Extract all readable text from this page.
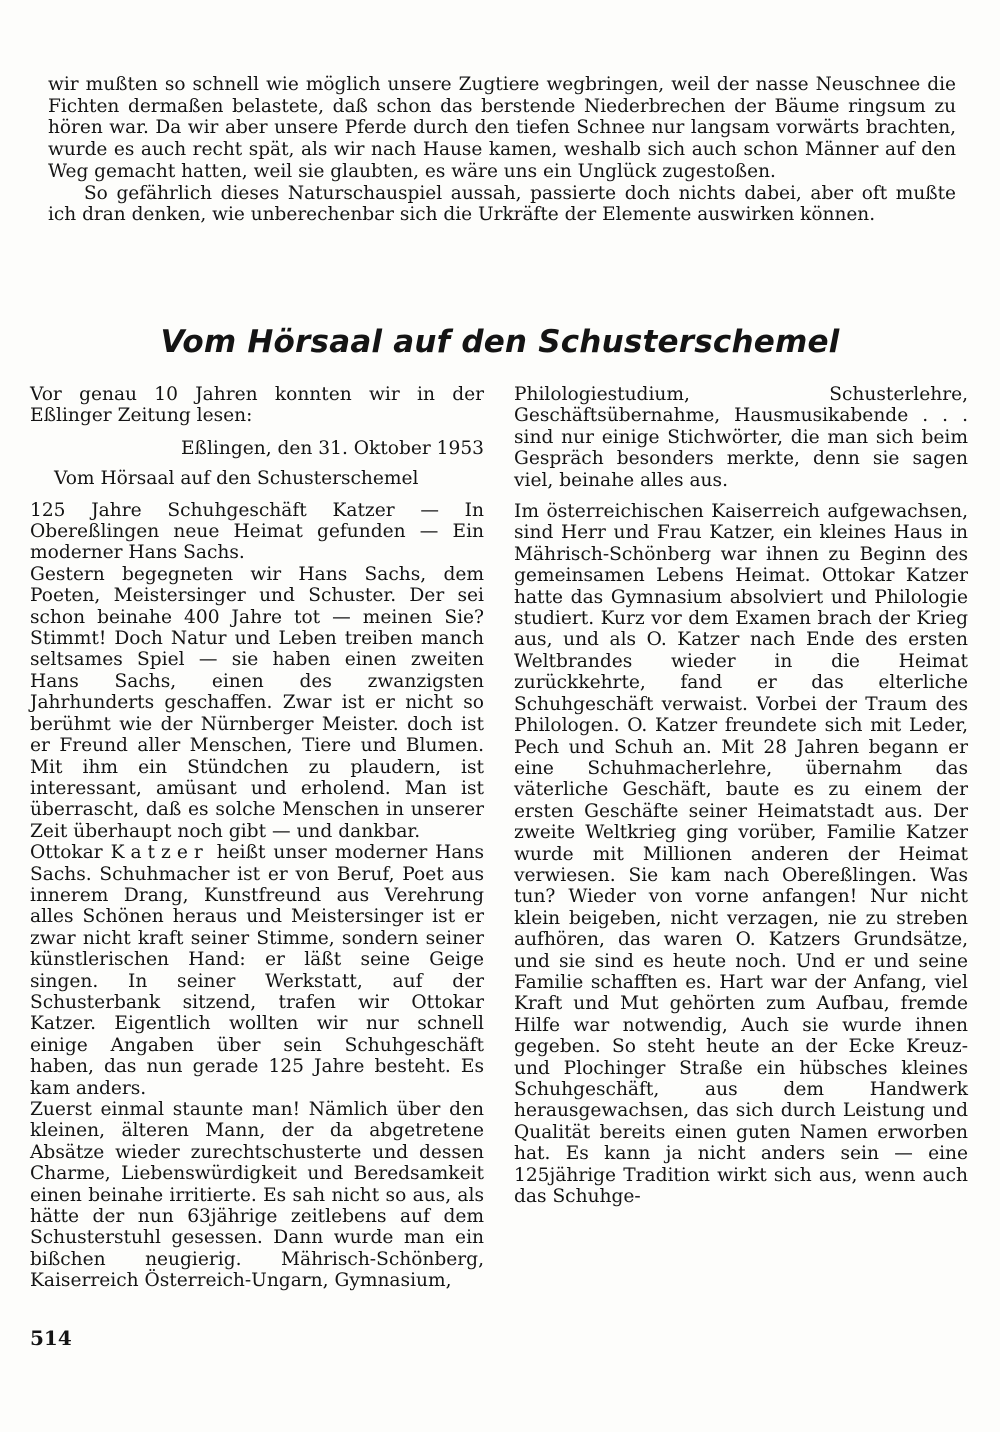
wir mußten so schnell wie möglich unsere Zugtiere wegbringen, weil der nasse Neuschnee die Fichten dermaßen belastete, daß schon das berstende Niederbrechen der Bäume ringsum zu hören war. Da wir aber unsere Pferde durch den tiefen Schnee nur langsam vorwärts brachten, wurde es auch recht spät, als wir nach Hause kamen, weshalb sich auch schon Männer auf den Weg gemacht hatten, weil sie glaubten, es wäre uns ein Unglück zugestoßen.

So gefährlich dieses Naturschauspiel aussah, passierte doch nichts dabei, aber oft mußte ich dran denken, wie unberechenbar sich die Urkräfte der Elemente auswirken können.

Vom Hörsaal auf den Schusterschemel

Vor genau 10 Jahren konnten wir in der Eßlinger Zeitung lesen:

Eßlingen, den 31. Oktober 1953

Vom Hörsaal auf den Schusterschemel

125 Jahre Schuhgeschäft Katzer — In Obereßlingen neue Heimat gefunden — Ein moderner Hans Sachs.

Gestern begegneten wir Hans Sachs, dem Poeten, Meistersinger und Schuster. Der sei schon beinahe 400 Jahre tot — meinen Sie? Stimmt! Doch Natur und Leben treiben manch seltsames Spiel — sie haben einen zweiten Hans Sachs, einen des zwanzigsten Jahrhunderts geschaffen. Zwar ist er nicht so berühmt wie der Nürnberger Meister. doch ist er Freund aller Menschen, Tiere und Blumen. Mit ihm ein Stündchen zu plaudern, ist interessant, amüsant und erholend. Man ist überrascht, daß es solche Menschen in unserer Zeit überhaupt noch gibt — und dankbar.

Ottokar Katzer heißt unser moderner Hans Sachs. Schuhmacher ist er von Beruf, Poet aus innerem Drang, Kunstfreund aus Verehrung alles Schönen heraus und Meistersinger ist er zwar nicht kraft seiner Stimme, sondern seiner künstlerischen Hand: er läßt seine Geige singen. In seiner Werkstatt, auf der Schusterbank sitzend, trafen wir Ottokar Katzer. Eigentlich wollten wir nur schnell einige Angaben über sein Schuhgeschäft haben, das nun gerade 125 Jahre besteht. Es kam anders.

Zuerst einmal staunte man! Nämlich über den kleinen, älteren Mann, der da abgetretene Absätze wieder zurechtschusterte und dessen Charme, Liebenswürdigkeit und Beredsamkeit einen beinahe irritierte. Es sah nicht so aus, als hätte der nun 63jährige zeitlebens auf dem Schusterstuhl gesessen. Dann wurde man ein bißchen neugierig. Mährisch-Schönberg, Kaiserreich Österreich-Ungarn, Gymnasium,

Philologiestudium, Schusterlehre, Geschäftsübernahme, Hausmusikabende . . . sind nur einige Stichwörter, die man sich beim Gespräch besonders merkte, denn sie sagen viel, beinahe alles aus.

Im österreichischen Kaiserreich aufgewachsen, sind Herr und Frau Katzer, ein kleines Haus in Mährisch-Schönberg war ihnen zu Beginn des gemeinsamen Lebens Heimat. Ottokar Katzer hatte das Gymnasium absolviert und Philologie studiert. Kurz vor dem Examen brach der Krieg aus, und als O. Katzer nach Ende des ersten Weltbrandes wieder in die Heimat zurückkehrte, fand er das elterliche Schuhgeschäft verwaist. Vorbei der Traum des Philologen. O. Katzer freundete sich mit Leder, Pech und Schuh an. Mit 28 Jahren begann er eine Schuhmacherlehre, übernahm das väterliche Geschäft, baute es zu einem der ersten Geschäfte seiner Heimatstadt aus. Der zweite Weltkrieg ging vorüber, Familie Katzer wurde mit Millionen anderen der Heimat verwiesen. Sie kam nach Obereßlingen. Was tun? Wieder von vorne anfangen! Nur nicht klein beigeben, nicht verzagen, nie zu streben aufhören, das waren O. Katzers Grundsätze, und sie sind es heute noch. Und er und seine Familie schafften es. Hart war der Anfang, viel Kraft und Mut gehörten zum Aufbau, fremde Hilfe war notwendig, Auch sie wurde ihnen gegeben. So steht heute an der Ecke Kreuz- und Plochinger Straße ein hübsches kleines Schuhgeschäft, aus dem Handwerk herausgewachsen, das sich durch Leistung und Qualität bereits einen guten Namen erworben hat. Es kann ja nicht anders sein — eine 125jährige Tradition wirkt sich aus, wenn auch das Schuhge-

514
